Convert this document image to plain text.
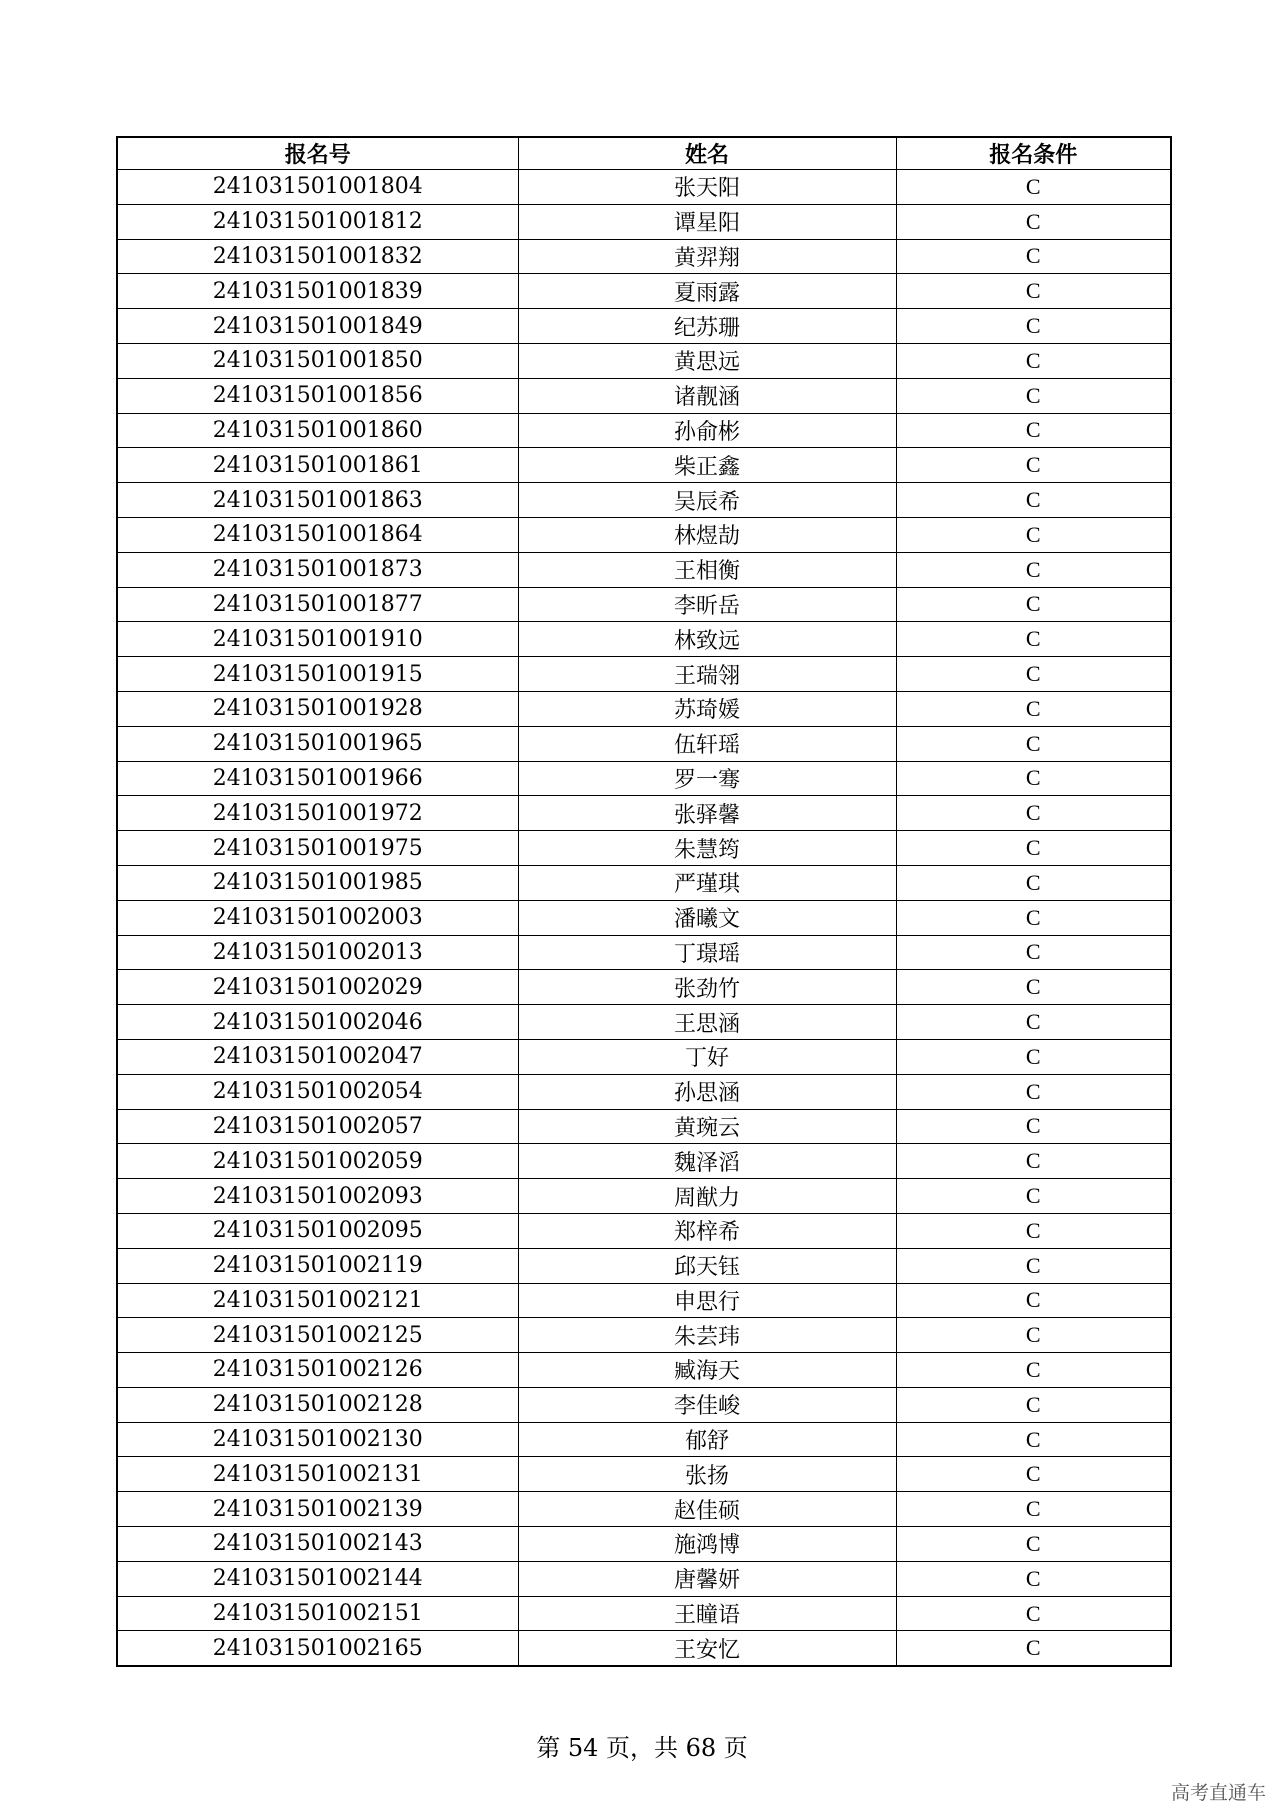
报名号	姓名	报名条件
241031501001804	张天阳	C
241031501001812	谭星阳	C
241031501001832	黄羿翔	C
241031501001839	夏雨露	C
241031501001849	纪苏珊	C
241031501001850	黄思远	C
241031501001856	诸靓涵	C
241031501001860	孙俞彬	C
241031501001861	柴正鑫	C
241031501001863	吴辰希	C
241031501001864	林煜劼	C
241031501001873	王相衡	C
241031501001877	李昕岳	C
241031501001910	林致远	C
241031501001915	王瑞翎	C
241031501001928	苏琦媛	C
241031501001965	伍轩瑶	C
241031501001966	罗一骞	C
241031501001972	张驿馨	C
241031501001975	朱慧筠	C
241031501001985	严瑾琪	C
241031501002003	潘曦文	C
241031501002013	丁璟瑶	C
241031501002029	张劲竹	C
241031501002046	王思涵	C
241031501002047	丁好	C
241031501002054	孙思涵	C
241031501002057	黄琬云	C
241031501002059	魏泽滔	C
241031501002093	周猷力	C
241031501002095	郑梓希	C
241031501002119	邱天钰	C
241031501002121	申思行	C
241031501002125	朱芸玮	C
241031501002126	臧海天	C
241031501002128	李佳峻	C
241031501002130	郁舒	C
241031501002131	张扬	C
241031501002139	赵佳硕	C
241031501002143	施鸿博	C
241031501002144	唐馨妍	C
241031501002151	王瞳语	C
241031501002165	王安忆	C
第 54 页，共 68 页
高考直通车
